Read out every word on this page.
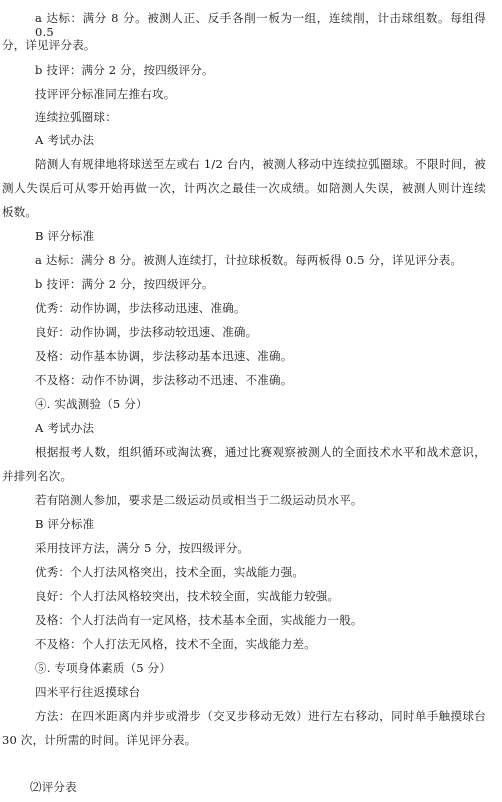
a 达标：满分 8 分。被测人正、反手各削一板为一组，连续削，计击球组数。每组得 0.5
分，详见评分表。
b 技评：满分 2 分，按四级评分。
技评评分标准同左推右攻。
连续拉弧圈球：
A 考试办法
陪测人有规律地将球送至左或右 1/2 台内，被测人移动中连续拉弧圈球。不限时间，被
测人失误后可从零开始再做一次，计两次之最佳一次成绩。如陪测人失误，被测人则计连续
板数。
B 评分标准
a 达标：满分 8 分。被测人连续打，计拉球板数。每两板得 0.5 分，详见评分表。
b 技评：满分 2 分，按四级评分。
优秀：动作协调，步法移动迅速、准确。
良好：动作协调，步法移动较迅速、准确。
及格：动作基本协调，步法移动基本迅速、准确。
不及格：动作不协调，步法移动不迅速、不准确。
④. 实战测验（5 分）
A 考试办法
根据报考人数，组织循环或淘汰赛，通过比赛观察被测人的全面技术水平和战术意识，
并排列名次。
若有陪测人参加，要求是二级运动员或相当于二级运动员水平。
B 评分标准
采用技评方法，满分 5 分，按四级评分。
优秀：个人打法风格突出，技术全面，实战能力强。
良好：个人打法风格较突出，技术较全面，实战能力较强。
及格：个人打法尚有一定风格，技术基本全面，实战能力一般。
不及格：个人打法无风格，技术不全面，实战能力差。
⑤. 专项身体素质（5 分）
四米平行往返摸球台
方法：在四米距离内并步或滑步（交叉步移动无效）进行左右移动，同时单手触摸球台
30 次，计所需的时间。详见评分表。
⑵评分表
